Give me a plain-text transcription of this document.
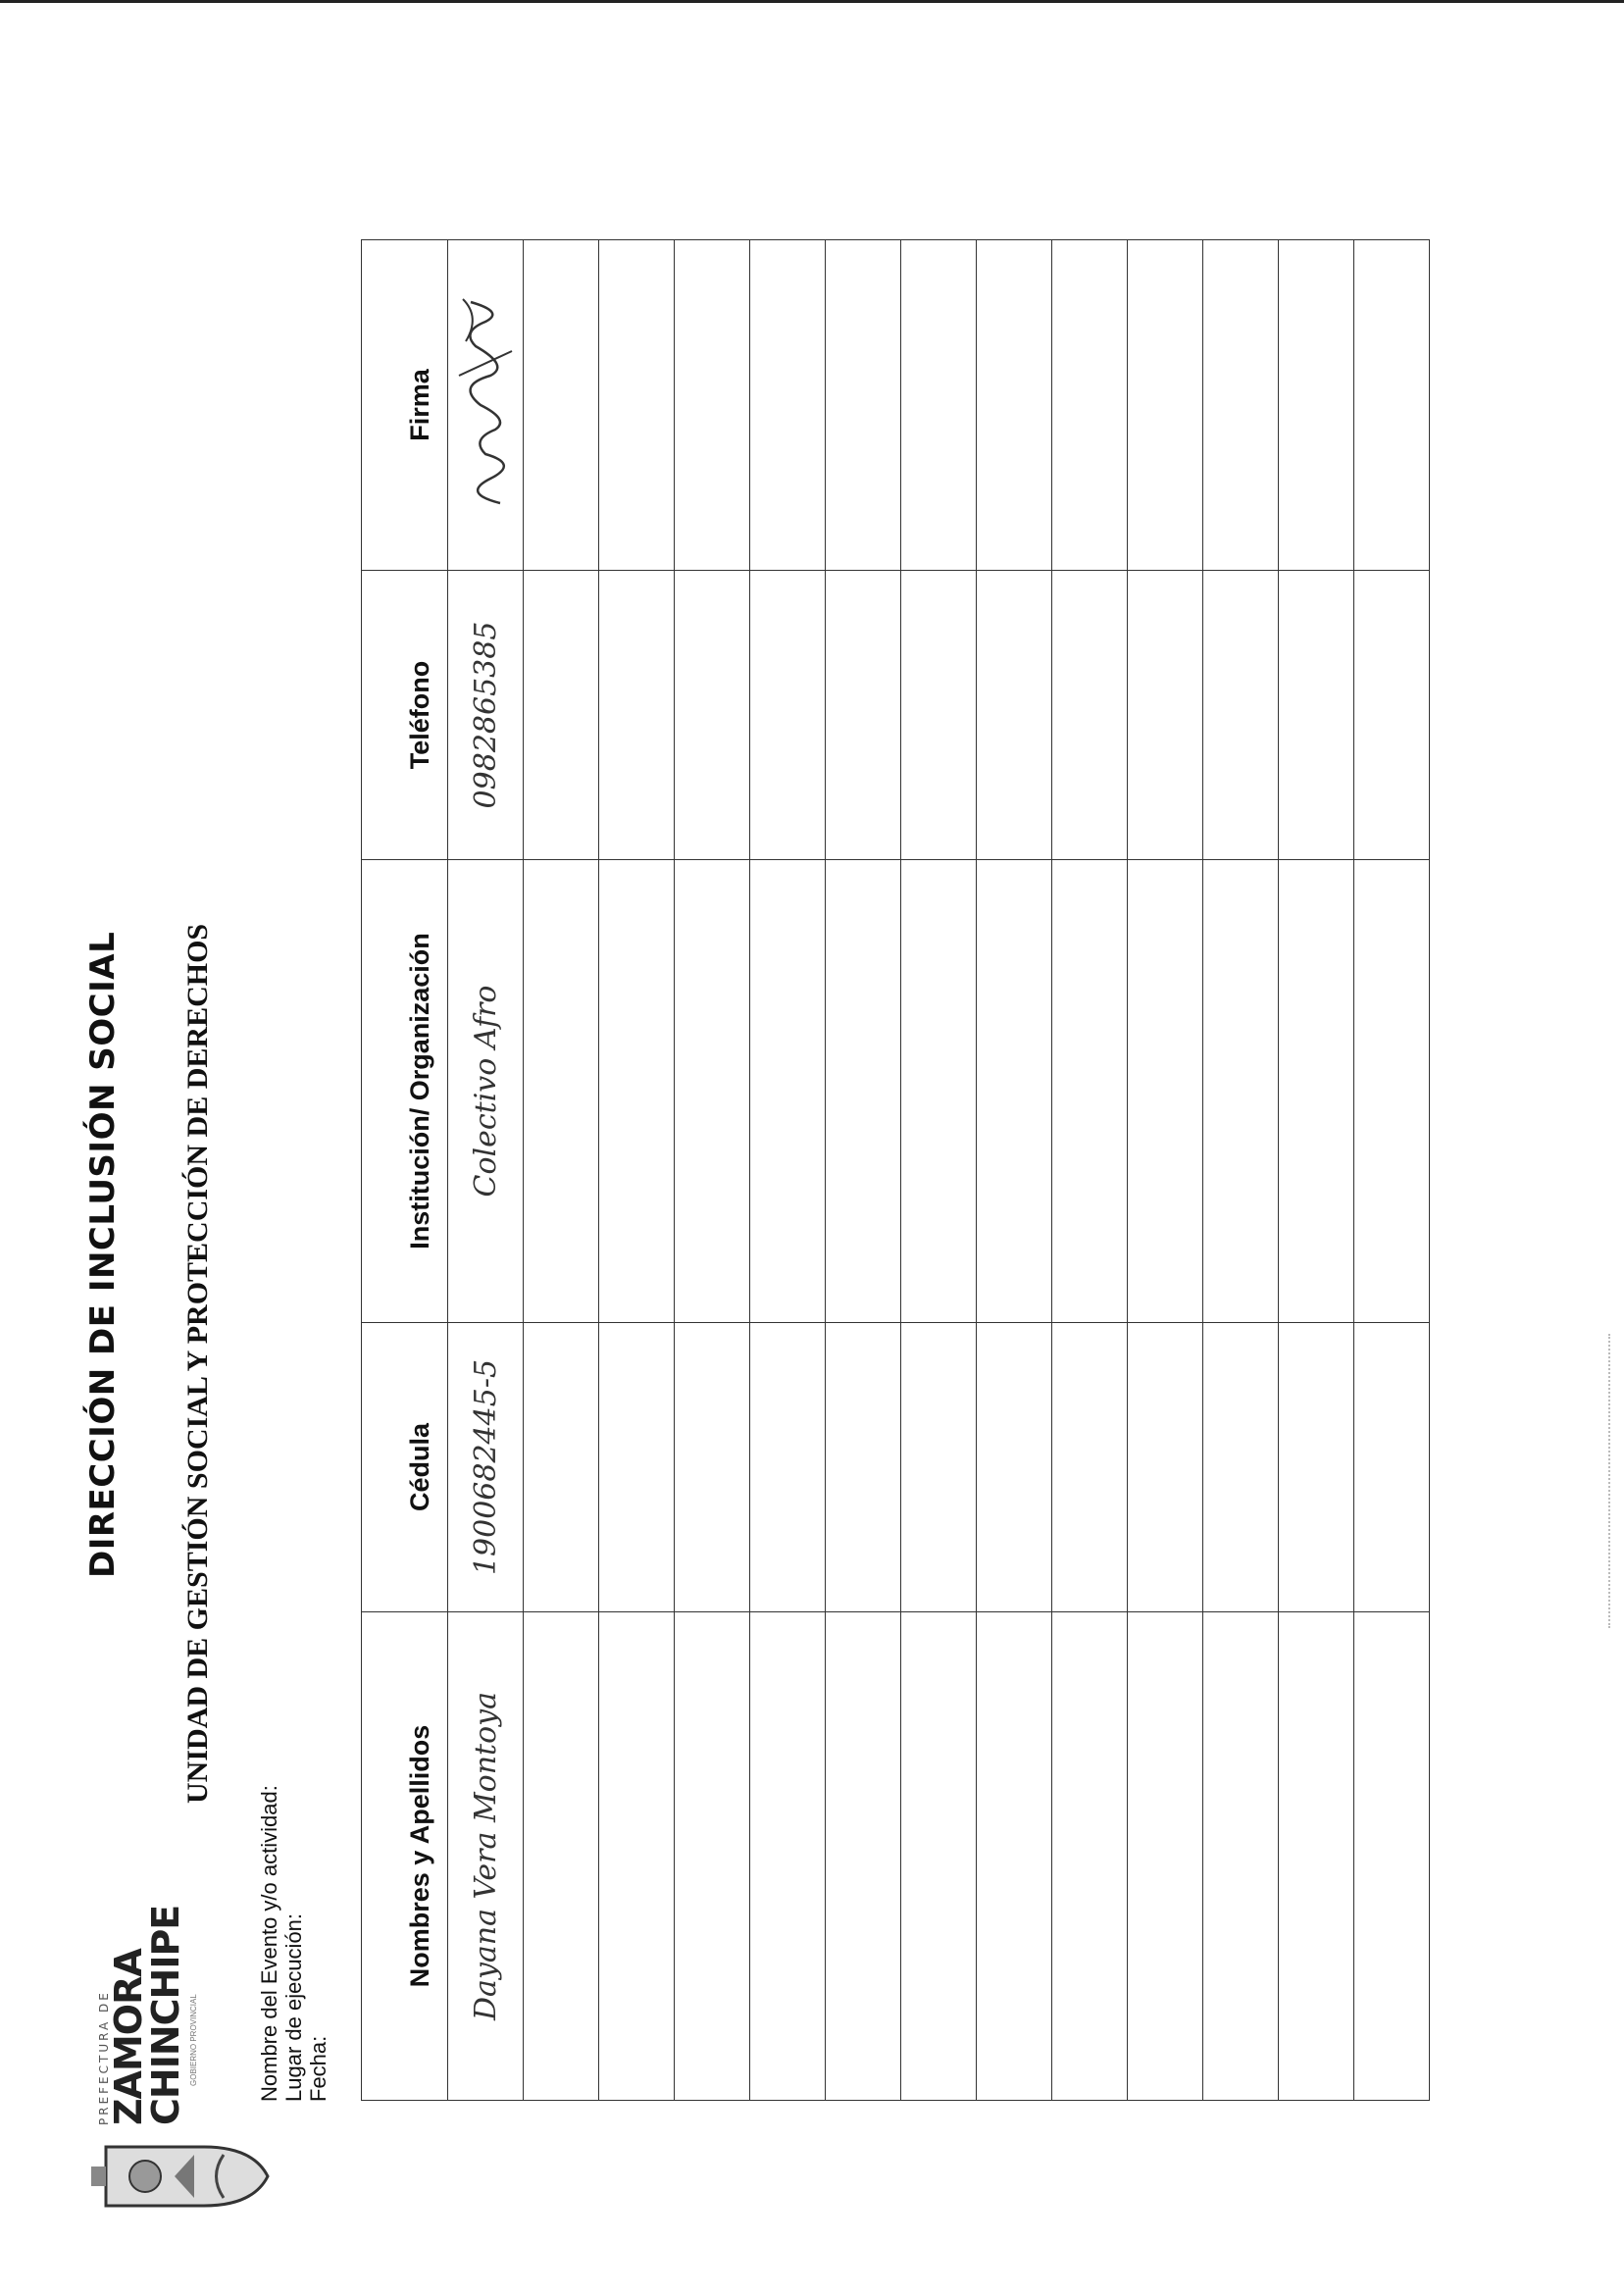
PREFECTURA DE
ZAMORA
CHINCHIPE GOBIERNO PROVINCIAL
DIRECCIÓN DE INCLUSIÓN SOCIAL UNIDAD DE GESTIÓN SOCIAL Y PROTECCIÓN DE DERECHOS
Nombre del Evento y/o actividad: Lugar de ejecución: Fecha:
Nombres y Apellidos	Cédula	Institución/ Organización	Teléfono	Firma
Dayana Vera Montoya	1900682445-5	Colectivo Afro	0982865385	
